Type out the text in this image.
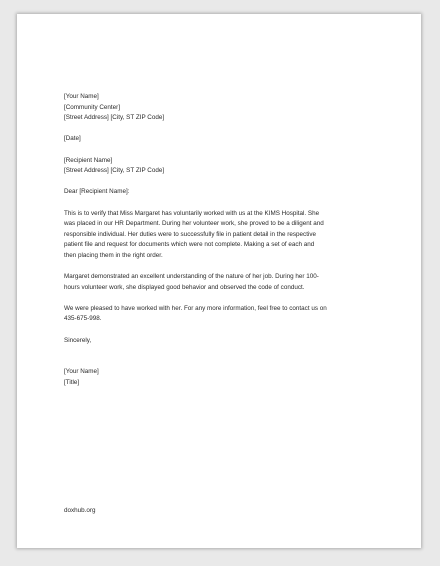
[Your Name]
[Community Center]
[Street Address] [City, ST ZIP Code]
[Date]
[Recipient Name]
[Street Address] [City, ST ZIP Code]
Dear [Recipient Name]:
This is to verify that Miss Margaret has voluntarily worked with us at the KIMS Hospital. She
was placed in our HR Department. During her volunteer work, she proved to be a diligent and
responsible individual. Her duties were to successfully file in patient detail in the respective
patient file and request for documents which were not complete. Making a set of each and
then placing them in the right order.
Margaret demonstrated an excellent understanding of the nature of her job. During her 100-
hours volunteer work, she displayed good behavior and observed the code of conduct.
We were pleased to have worked with her. For any more information, feel free to contact us on
435-675-998.
Sincerely,
[Your Name]
[Title]
doxhub.org
